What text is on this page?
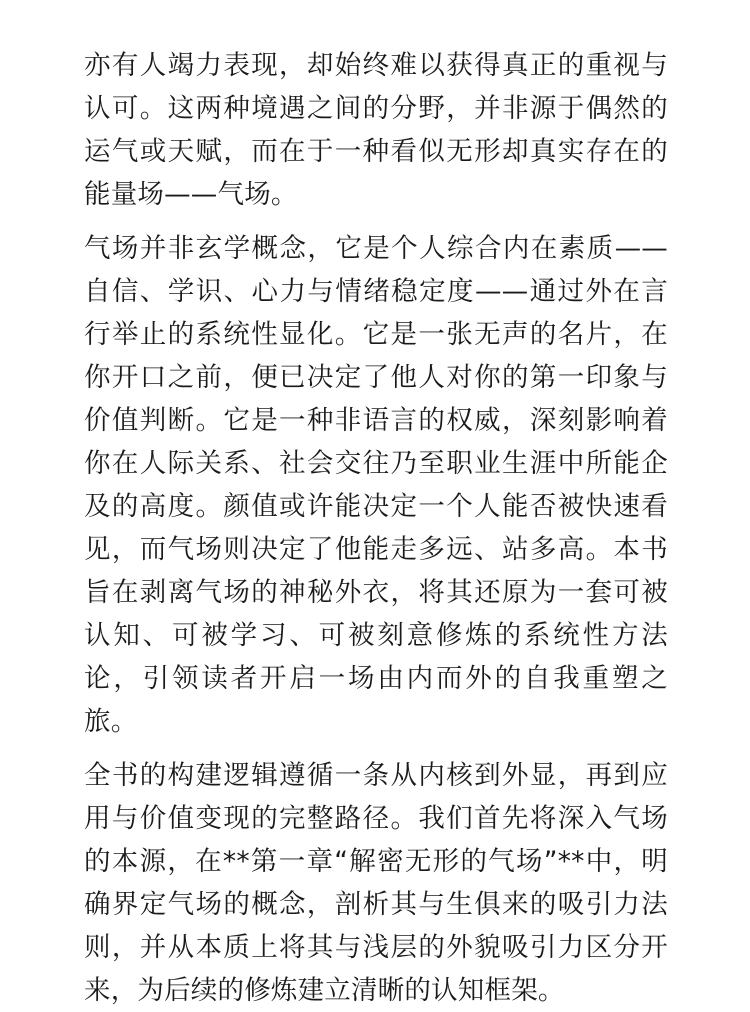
亦有人竭力表现，却始终难以获得真正的重视与认可。这两种境遇之间的分野，并非源于偶然的运气或天赋，而在于一种看似无形却真实存在的能量场——气场。

气场并非玄学概念，它是个人综合内在素质——自信、学识、心力与情绪稳定度——通过外在言行举止的系统性显化。它是一张无声的名片，在你开口之前，便已决定了他人对你的第一印象与价值判断。它是一种非语言的权威，深刻影响着你在人际关系、社会交往乃至职业生涯中所能企及的高度。颜值或许能决定一个人能否被快速看见，而气场则决定了他能走多远、站多高。本书旨在剥离气场的神秘外衣，将其还原为一套可被认知、可被学习、可被刻意修炼的系统性方法论，引领读者开启一场由内而外的自我重塑之旅。

全书的构建逻辑遵循一条从内核到外显，再到应用与价值变现的完整路径。我们首先将深入气场的本源，在**第一章“解密无形的气场”**中，明确界定气场的概念，剖析其与生俱来的吸引力法则，并从本质上将其与浅层的外貌吸引力区分开来，为后续的修炼建立清晰的认知框架。
